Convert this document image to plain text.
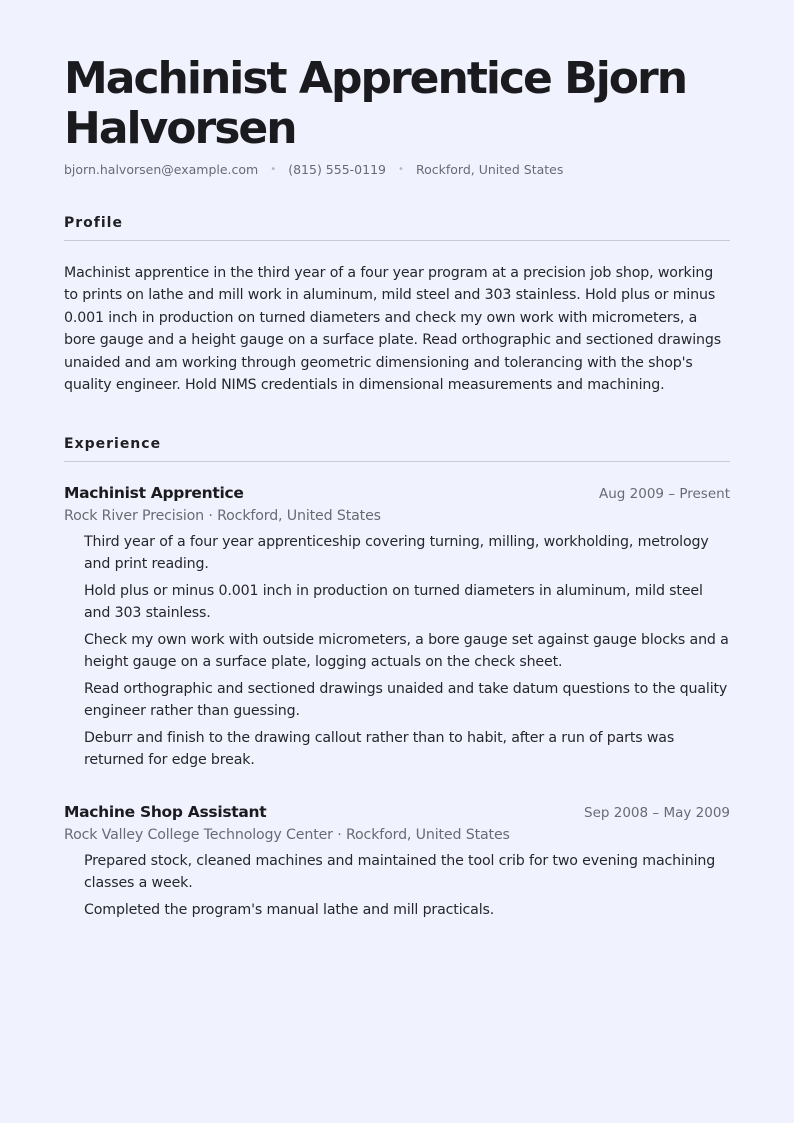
Machinist Apprentice Bjorn Halvorsen
bjorn.halvorsen@example.com	• (815) 555-0119	• Rockford, United States
Profile

Machinist apprentice in the third year of a four year program at a precision job shop, working to prints on lathe and mill work in aluminum, mild steel and 303 stainless. Hold plus or minus 0.001 inch in production on turned diameters and check my own work with micrometers, a bore gauge and a height gauge on a surface plate. Read orthographic and sectioned drawings unaided and am working through geometric dimensioning and tolerancing with the shop's quality engineer. Hold NIMS credentials in dimensional measurements and machining.

Experience
Machinist Apprentice	Aug 2009 – Present
Rock River Precision · Rockford, United States
Third year of a four year apprenticeship covering turning, milling, workholding, metrology and print reading.
Hold plus or minus 0.001 inch in production on turned diameters in aluminum, mild steel and 303 stainless.
Check my own work with outside micrometers, a bore gauge set against gauge blocks and a height gauge on a surface plate, logging actuals on the check sheet.
Read orthographic and sectioned drawings unaided and take datum questions to the quality engineer rather than guessing.
Deburr and finish to the drawing callout rather than to habit, after a run of parts was returned for edge break.
Machine Shop Assistant	Sep 2008 – May 2009
Rock Valley College Technology Center · Rockford, United States
Prepared stock, cleaned machines and maintained the tool crib for two evening machining classes a week.
Completed the program's manual lathe and mill practicals.
